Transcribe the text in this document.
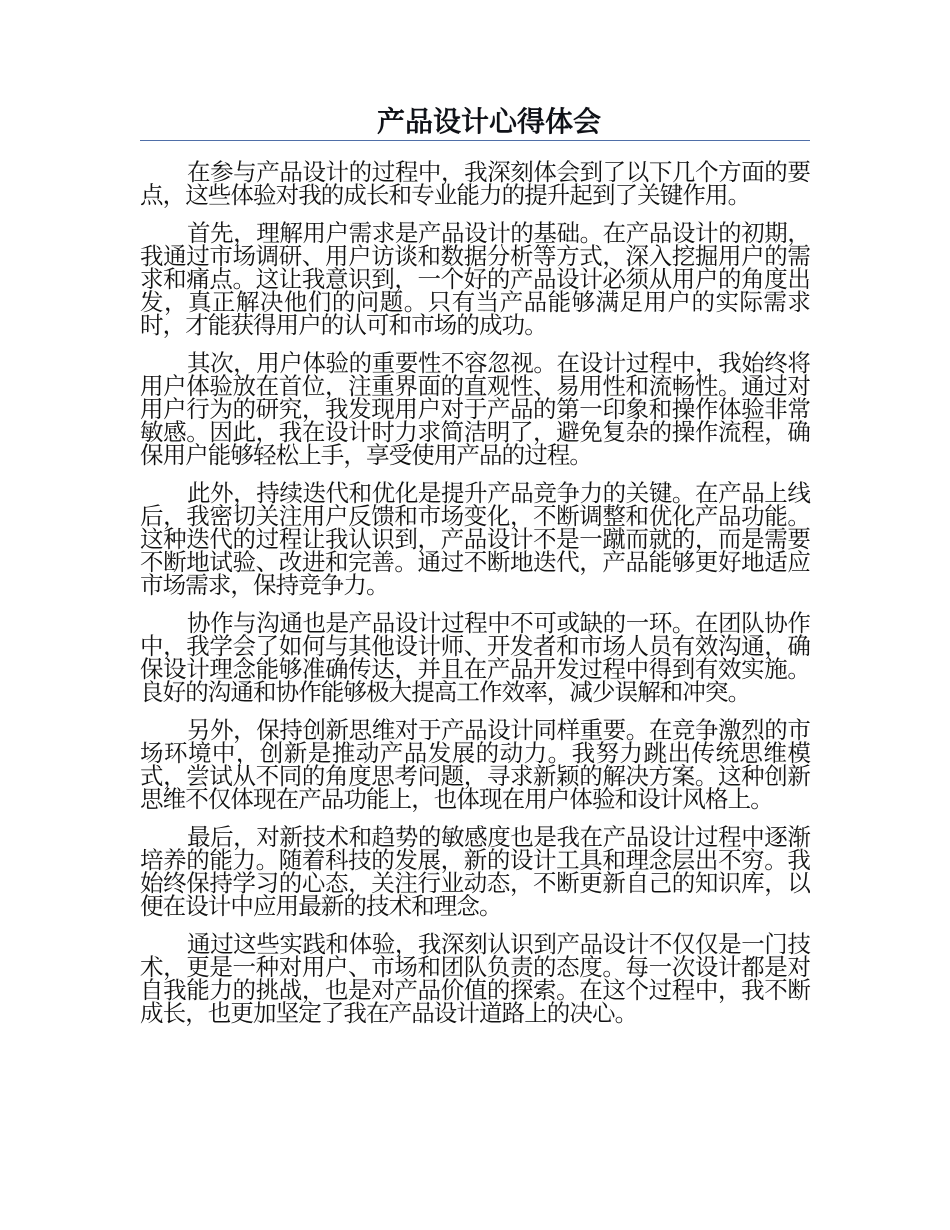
产品设计心得体会

在参与产品设计的过程中，我深刻体会到了以下几个方面的要点，这些体验对我的成长和专业能力的提升起到了关键作用。

首先，理解用户需求是产品设计的基础。在产品设计的初期，我通过市场调研、用户访谈和数据分析等方式，深入挖掘用户的需求和痛点。这让我意识到，一个好的产品设计必须从用户的角度出发，真正解决他们的问题。只有当产品能够满足用户的实际需求时，才能获得用户的认可和市场的成功。

其次，用户体验的重要性不容忽视。在设计过程中，我始终将用户体验放在首位，注重界面的直观性、易用性和流畅性。通过对用户行为的研究，我发现用户对于产品的第一印象和操作体验非常敏感。因此，我在设计时力求简洁明了，避免复杂的操作流程，确保用户能够轻松上手，享受使用产品的过程。

此外，持续迭代和优化是提升产品竞争力的关键。在产品上线后，我密切关注用户反馈和市场变化，不断调整和优化产品功能。这种迭代的过程让我认识到，产品设计不是一蹴而就的，而是需要不断地试验、改进和完善。通过不断地迭代，产品能够更好地适应市场需求，保持竞争力。

协作与沟通也是产品设计过程中不可或缺的一环。在团队协作中，我学会了如何与其他设计师、开发者和市场人员有效沟通，确保设计理念能够准确传达，并且在产品开发过程中得到有效实施。良好的沟通和协作能够极大提高工作效率，减少误解和冲突。

另外，保持创新思维对于产品设计同样重要。在竞争激烈的市场环境中，创新是推动产品发展的动力。我努力跳出传统思维模式，尝试从不同的角度思考问题，寻求新颖的解决方案。这种创新思维不仅体现在产品功能上，也体现在用户体验和设计风格上。

最后，对新技术和趋势的敏感度也是我在产品设计过程中逐渐培养的能力。随着科技的发展，新的设计工具和理念层出不穷。我始终保持学习的心态，关注行业动态，不断更新自己的知识库，以便在设计中应用最新的技术和理念。

通过这些实践和体验，我深刻认识到产品设计不仅仅是一门技术，更是一种对用户、市场和团队负责的态度。每一次设计都是对自我能力的挑战，也是对产品价值的探索。在这个过程中，我不断成长，也更加坚定了我在产品设计道路上的决心。
